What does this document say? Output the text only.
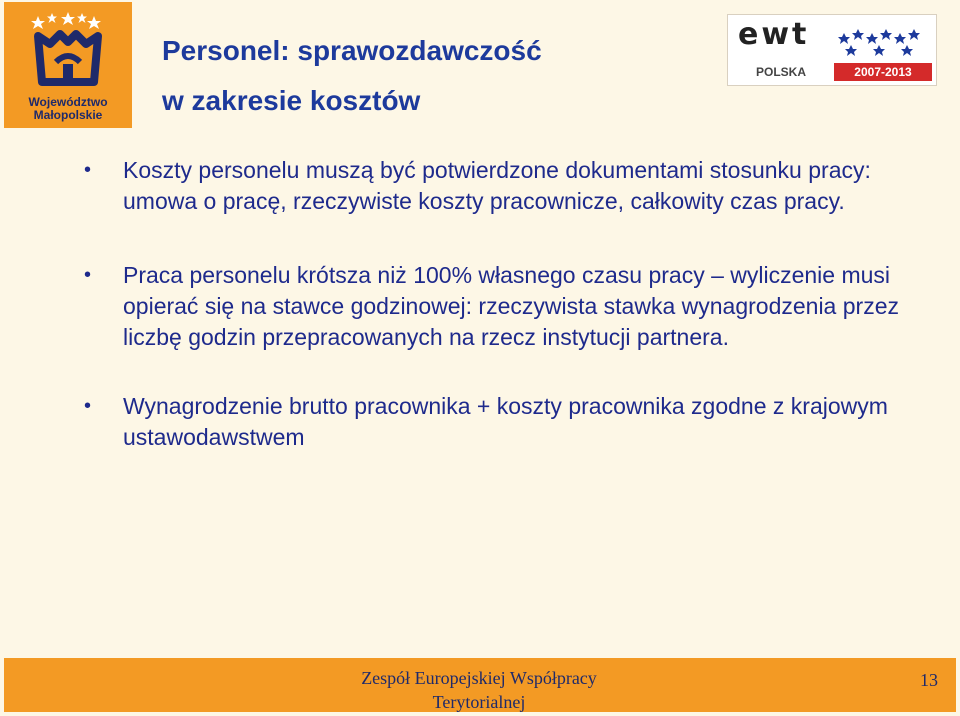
Województwo Małopolskie
Personel: sprawozdawczość
w zakresie kosztów
ewt
POLSKA	2007-2013
• Koszty personelu muszą być potwierdzone dokumentami stosunku pracy: umowa o pracę, rzeczywiste koszty pracownicze, całkowity czas pracy.
• Praca personelu krótsza niż 100% własnego czasu pracy – wyliczenie musi opierać się na stawce godzinowej: rzeczywista stawka wynagrodzenia przez liczbę godzin przepracowanych na rzecz instytucji partnera.
• Wynagrodzenie brutto pracownika + koszty pracownika zgodne z krajowym ustawodawstwem
Zespół Europejskiej Współpracy Terytorialnej
13
